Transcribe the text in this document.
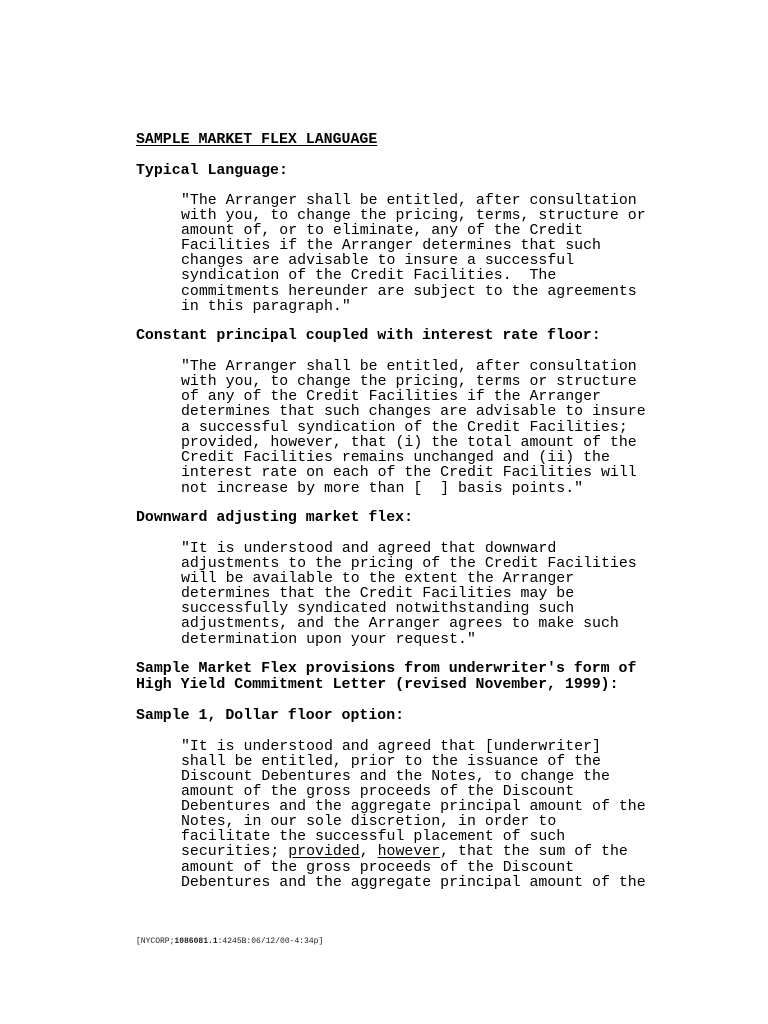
SAMPLE MARKET FLEX LANGUAGE
Typical Language:
"The Arranger shall be entitled, after consultation
with you, to change the pricing, terms, structure or
amount of, or to eliminate, any of the Credit
Facilities if the Arranger determines that such
changes are advisable to insure a successful
syndication of the Credit Facilities.  The
commitments hereunder are subject to the agreements
in this paragraph."
Constant principal coupled with interest rate floor:
"The Arranger shall be entitled, after consultation
with you, to change the pricing, terms or structure
of any of the Credit Facilities if the Arranger
determines that such changes are advisable to insure
a successful syndication of the Credit Facilities;
provided, however, that (i) the total amount of the
Credit Facilities remains unchanged and (ii) the
interest rate on each of the Credit Facilities will
not increase by more than [  ] basis points."
Downward adjusting market flex:
"It is understood and agreed that downward
adjustments to the pricing of the Credit Facilities
will be available to the extent the Arranger
determines that the Credit Facilities may be
successfully syndicated notwithstanding such
adjustments, and the Arranger agrees to make such
determination upon your request."
Sample Market Flex provisions from underwriter's form of
High Yield Commitment Letter (revised November, 1999):
Sample 1, Dollar floor option:
"It is understood and agreed that [underwriter]
shall be entitled, prior to the issuance of the
Discount Debentures and the Notes, to change the
amount of the gross proceeds of the Discount
Debentures and the aggregate principal amount of the
Notes, in our sole discretion, in order to
facilitate the successful placement of such
securities; provided, however, that the sum of the
amount of the gross proceeds of the Discount
Debentures and the aggregate principal amount of the
[NYCORP;1086081.1:4245B:06/12/00-4:34p]
